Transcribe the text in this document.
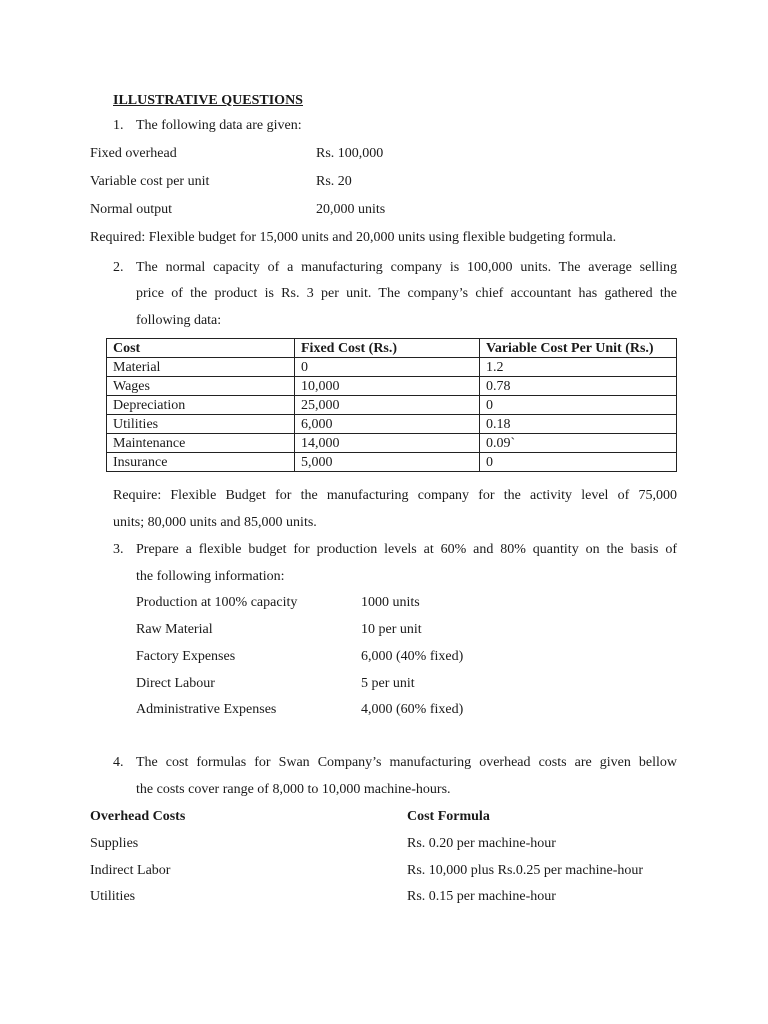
ILLUSTRATIVE QUESTIONS
1. The following data are given:
Fixed overhead	Rs. 100,000
Variable cost per unit	Rs. 20
Normal output	20,000 units
Required: Flexible budget for 15,000 units and 20,000 units using flexible budgeting formula.
2. The normal capacity of a manufacturing company is 100,000 units. The average selling
price of the product is Rs. 3 per unit. The company’s chief accountant has gathered the
following data:
Cost	Fixed Cost (Rs.)	Variable Cost Per Unit (Rs.)
Material	0	1.2
Wages	10,000	0.78
Depreciation	25,000	0
Utilities	6,000	0.18
Maintenance	14,000	0.09`
Insurance	5,000	0
Require: Flexible Budget for the manufacturing company for the activity level of 75,000
units; 80,000 units and 85,000 units.
3. Prepare a flexible budget for production levels at 60% and 80% quantity on the basis of
the following information:
Production at 100% capacity	1000 units
Raw Material	10 per unit
Factory Expenses	6,000 (40% fixed)
Direct Labour	5 per unit
Administrative Expenses	4,000 (60% fixed)
4. The cost formulas for Swan Company’s manufacturing overhead costs are given bellow
the costs cover range of 8,000 to 10,000 machine-hours.
Overhead Costs	Cost Formula
Supplies	Rs. 0.20 per machine-hour
Indirect Labor	Rs. 10,000 plus Rs.0.25 per machine-hour
Utilities	Rs. 0.15 per machine-hour
